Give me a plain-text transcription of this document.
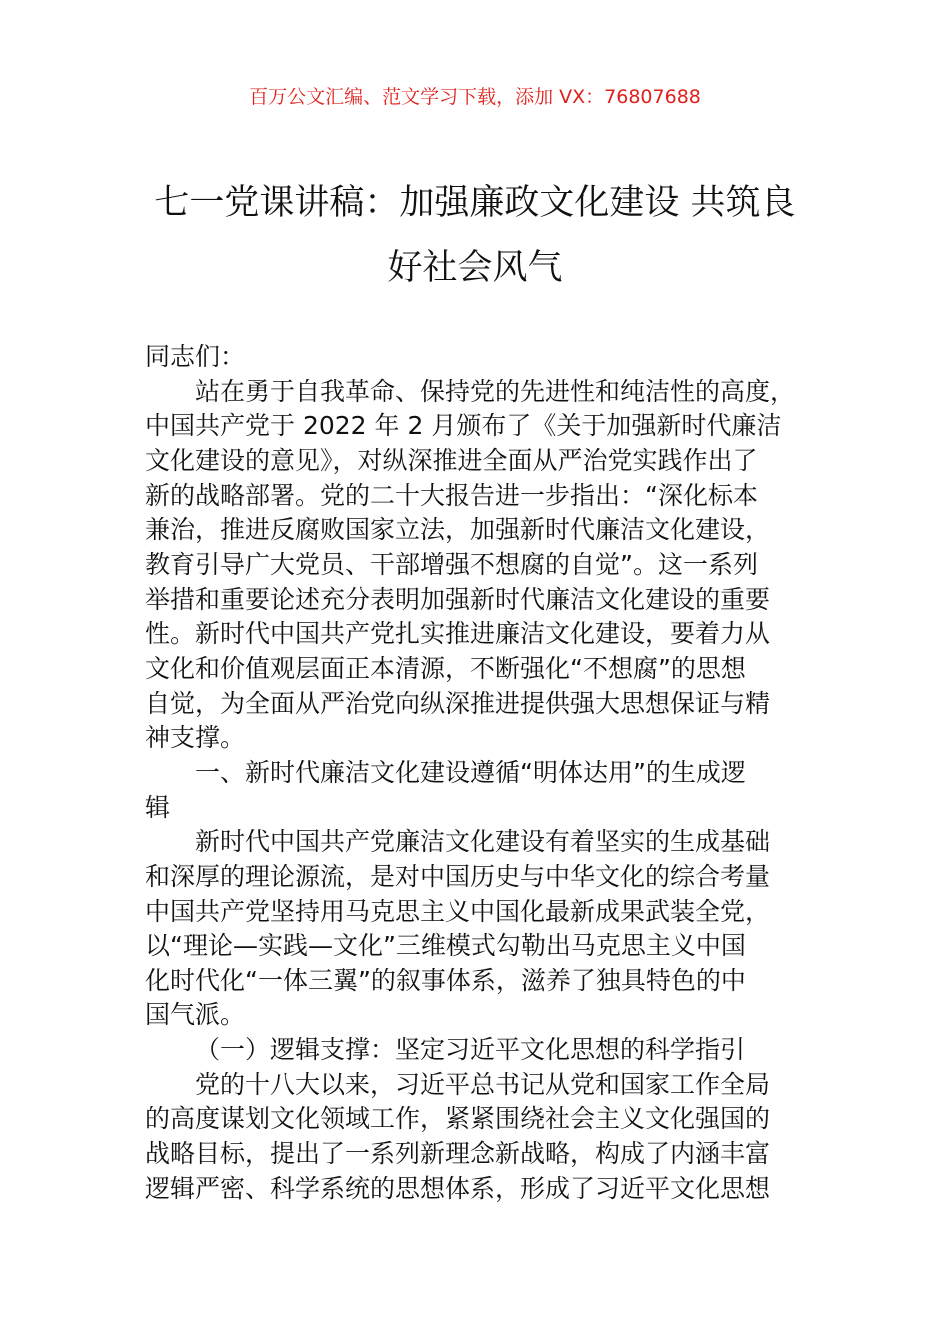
百万公文汇编、范文学习下载，添加 VX：76807688
七一党课讲稿：加强廉政文化建设 共筑良
好社会风气
同志们：
站在勇于自我革命、保持党的先进性和纯洁性的高度，
中国共产党于 2022 年 2 月颁布了《关于加强新时代廉洁
文化建设的意见》，对纵深推进全面从严治党实践作出了
新的战略部署。党的二十大报告进一步指出：“深化标本
兼治，推进反腐败国家立法，加强新时代廉洁文化建设，
教育引导广大党员、干部增强不想腐的自觉”。这一系列
举措和重要论述充分表明加强新时代廉洁文化建设的重要
性。新时代中国共产党扎实推进廉洁文化建设，要着力从
文化和价值观层面正本清源，不断强化“不想腐”的思想
自觉，为全面从严治党向纵深推进提供强大思想保证与精
神支撑。
一、新时代廉洁文化建设遵循“明体达用”的生成逻
辑
新时代中国共产党廉洁文化建设有着坚实的生成基础
和深厚的理论源流，是对中国历史与中华文化的综合考量
中国共产党坚持用马克思主义中国化最新成果武装全党，
以“理论—实践—文化”三维模式勾勒出马克思主义中国
化时代化“一体三翼”的叙事体系，滋养了独具特色的中
国气派。
（一）逻辑支撑：坚定习近平文化思想的科学指引
党的十八大以来，习近平总书记从党和国家工作全局
的高度谋划文化领域工作，紧紧围绕社会主义文化强国的
战略目标，提出了一系列新理念新战略，构成了内涵丰富
逻辑严密、科学系统的思想体系，形成了习近平文化思想
